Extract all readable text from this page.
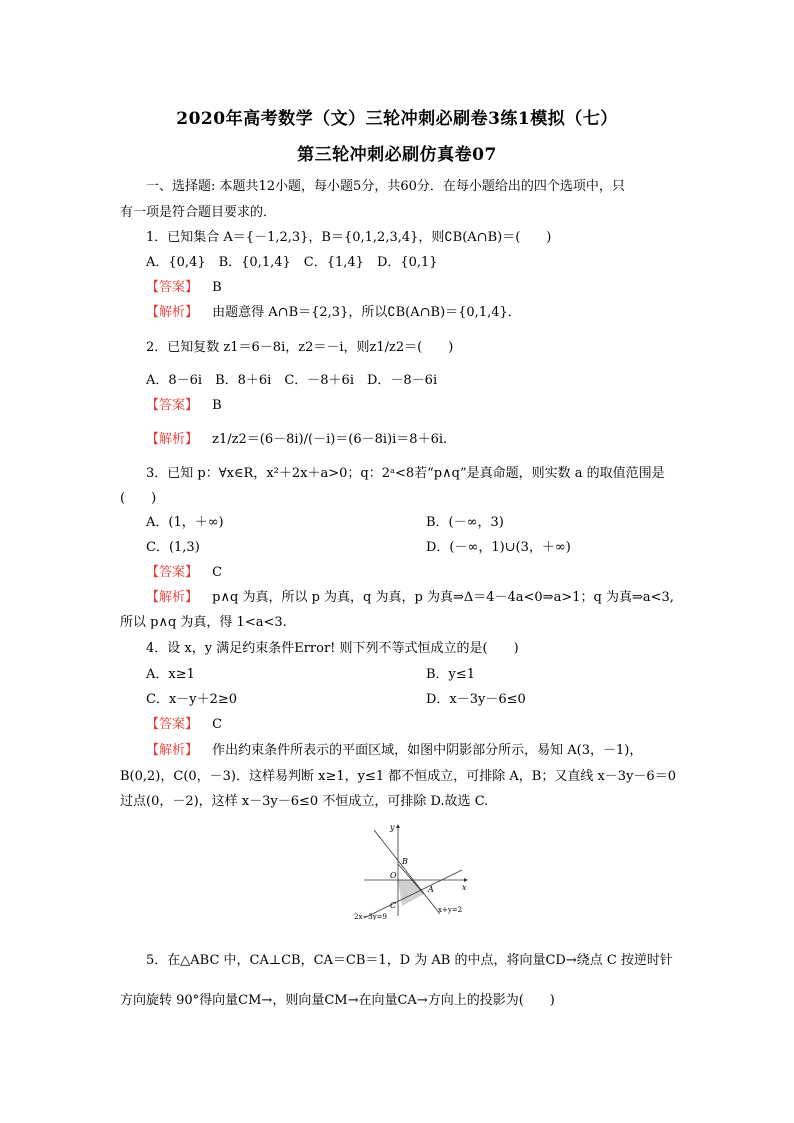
2020年高考数学（文）三轮冲刺必刷卷3练1模拟（七）
第三轮冲刺必刷仿真卷07
一、选择题: 本题共12小题，每小题5分，共60分．在每小题给出的四个选项中，只
有一项是符合题目要求的．
1．已知集合 A＝{－1,2,3}，B＝{0,1,2,3,4}，则∁B(A∩B)＝(　　)
A．{0,4}　B．{0,1,4}　C．{1,4}　D．{0,1}
【答案】 B
【解析】 由题意得 A∩B＝{2,3}，所以∁B(A∩B)＝{0,1,4}．
2．已知复数 z1＝6－8i，z2＝－i，则z1/z2＝(　　)
A．8－6i　B．8＋6i　C．－8＋6i　D．－8－6i
【答案】 B
【解析】 z1/z2＝(6－8i)/(－i)＝(6－8i)i＝8＋6i.
3．已知 p：∀x∈R，x²＋2x＋a>0；q：2ᵃ<8若“p∧q”是真命题，则实数 a 的取值范围是
(　　)
A．(1，＋∞)	B．(－∞，3)
C．(1,3)	D．(－∞，1)∪(3，＋∞)
【答案】 C
【解析】 p∧q 为真，所以 p 为真，q 为真，p 为真⇒Δ＝4－4a<0⇒a>1；q 为真⇒a<3,
所以 p∧q 为真，得 1<a<3.
4．设 x，y 满足约束条件Error! 则下列不等式恒成立的是(　　)
A．x≥1	B．y≤1
C．x－y＋2≥0	D．x－3y－6≤0
【答案】 C
【解析】 作出约束条件所表示的平面区域，如图中阴影部分所示，易知 A(3，－1)，
B(0,2)，C(0，－3)．这样易判断 x≥1，y≤1 都不恒成立，可排除 A，B；又直线 x－3y－6＝0
过点(0，－2)，这样 x－3y－6≤0 不恒成立，可排除 D.故选 C.
y
x
O
B
C
A
x+y=2
2x−3y=9
5．在△ABC 中，CA⊥CB，CA＝CB＝1，D 为 AB 的中点，将向量CD→绕点 C 按逆时针
方向旋转 90°得向量CM→，则向量CM→在向量CA→方向上的投影为(　　)
